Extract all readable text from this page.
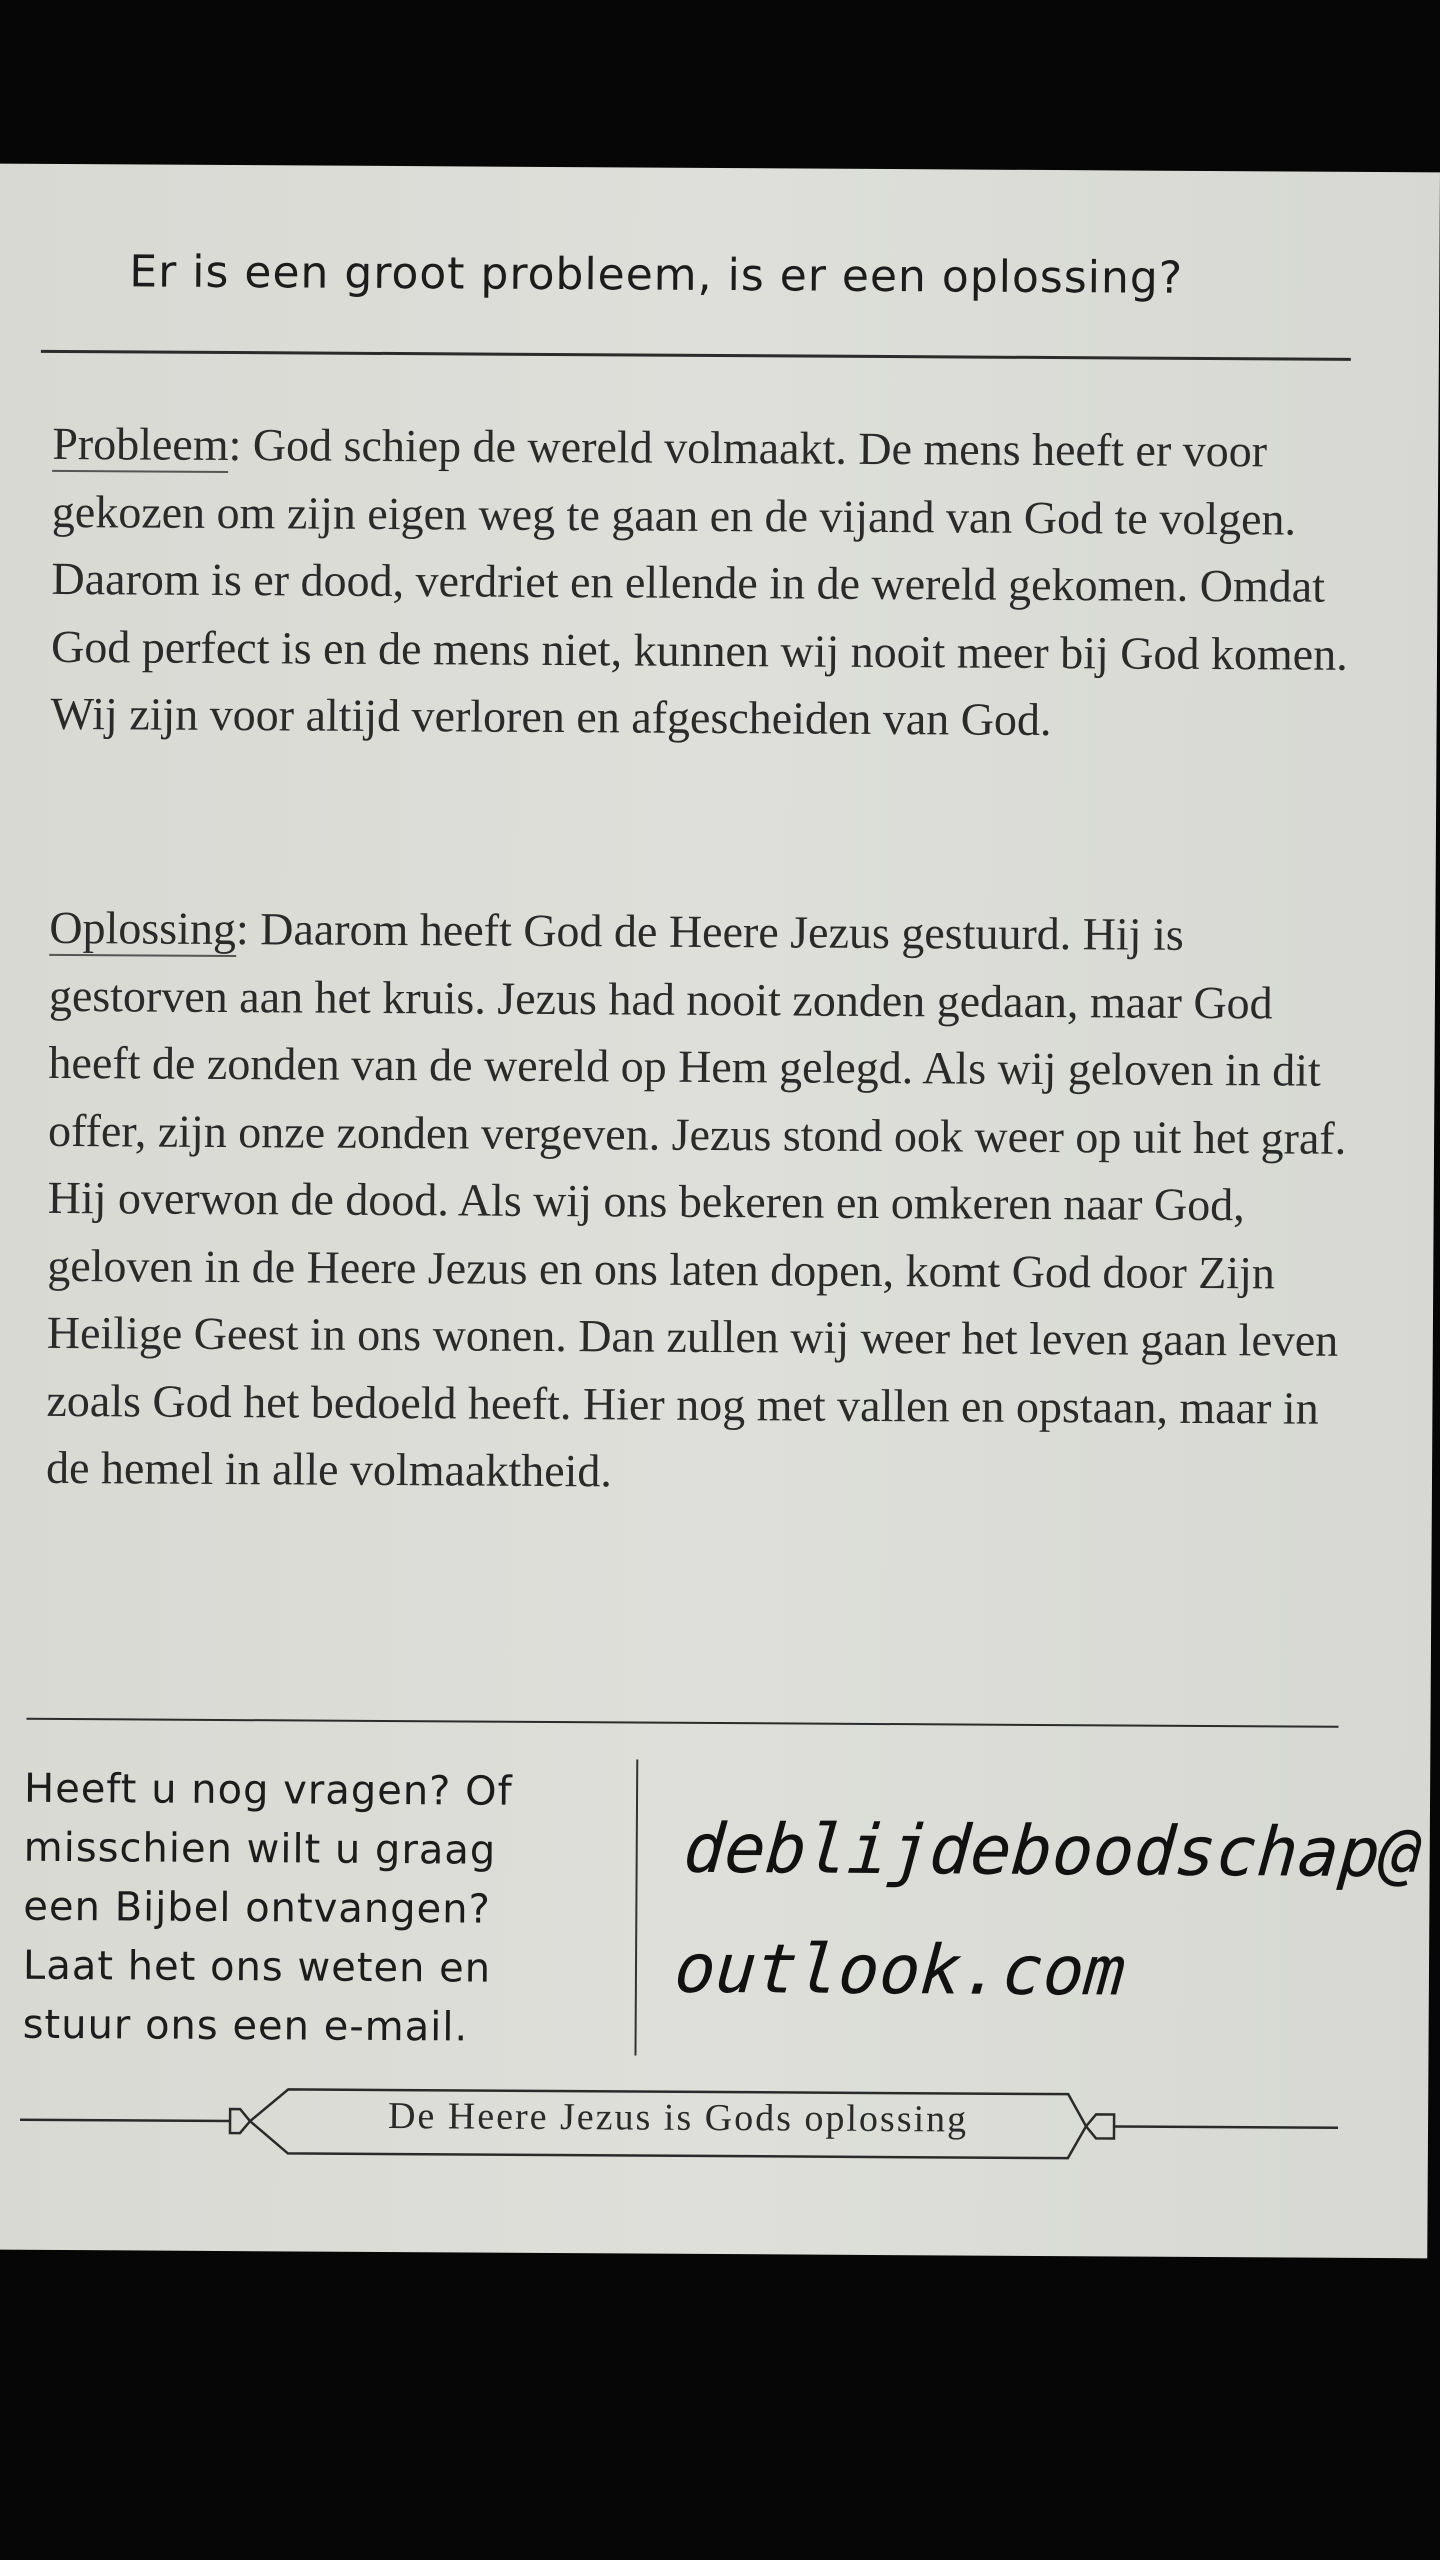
Er is een groot probleem, is er een oplossing?

Probleem: God schiep de wereld volmaakt. De mens heeft er voor gekozen om zijn eigen weg te gaan en de vijand van God te volgen. Daarom is er dood, verdriet en ellende in de wereld gekomen. Omdat God perfect is en de mens niet, kunnen wij nooit meer bij God komen. Wij zijn voor altijd verloren en afgescheiden van God.

Oplossing: Daarom heeft God de Heere Jezus gestuurd. Hij is gestorven aan het kruis. Jezus had nooit zonden gedaan, maar God heeft de zonden van de wereld op Hem gelegd. Als wij geloven in dit offer, zijn onze zonden vergeven. Jezus stond ook weer op uit het graf. Hij overwon de dood. Als wij ons bekeren en omkeren naar God, geloven in de Heere Jezus en ons laten dopen, komt God door Zijn Heilige Geest in ons wonen. Dan zullen wij weer het leven gaan leven zoals God het bedoeld heeft. Hier nog met vallen en opstaan, maar in de hemel in alle volmaaktheid.

Heeft u nog vragen? Of
misschien wilt u graag
een Bijbel ontvangen?
Laat het ons weten en
stuur ons een e-mail.

deblijdeboodschap@
outlook.com

De Heere Jezus is Gods oplossing
